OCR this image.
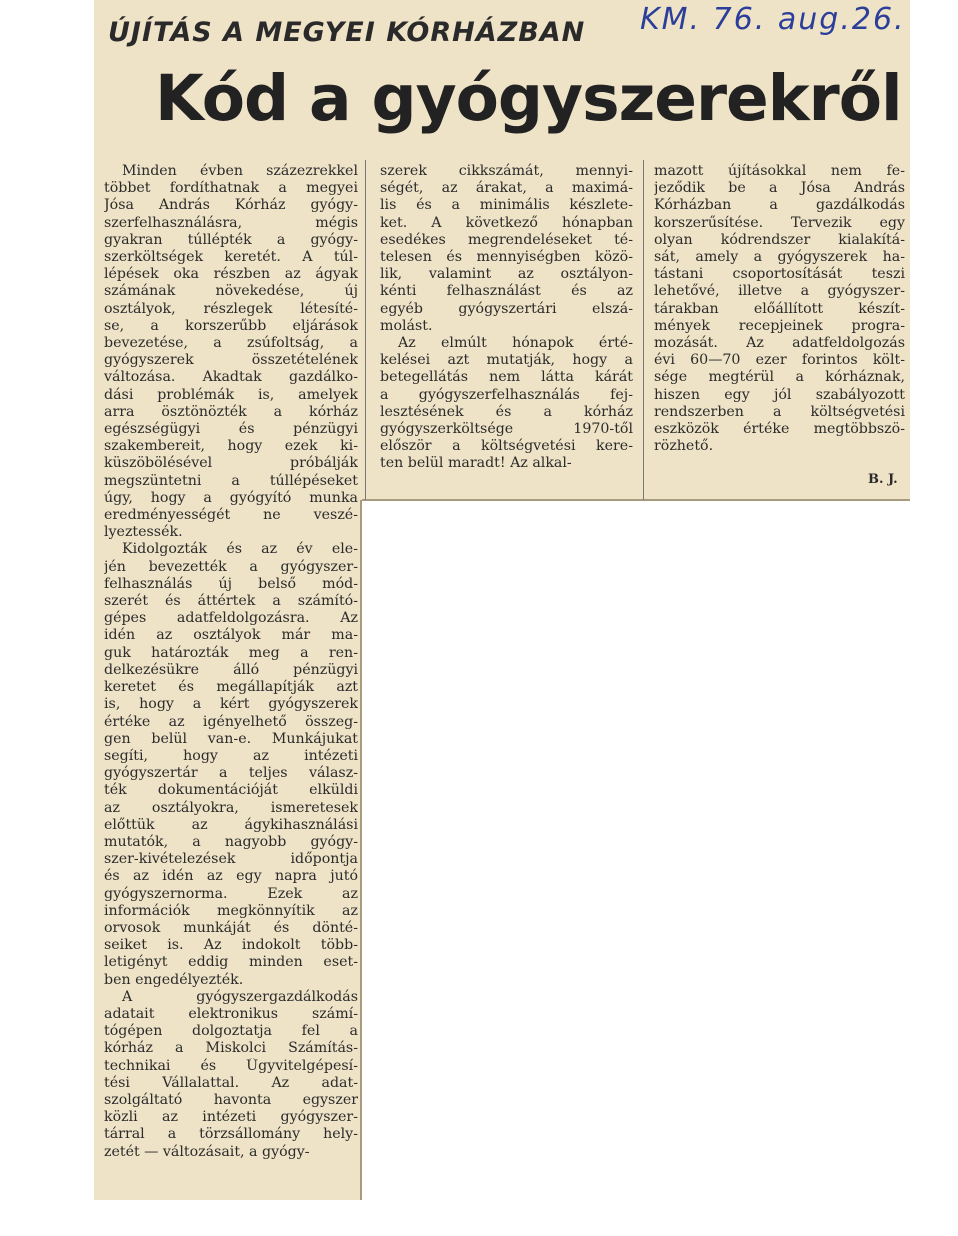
ÚJÍTÁS A MEGYEI KÓRHÁZBAN KM. 76. aug.26.
Kód a gyógyszerekről
Minden évben százezrekkel
többet fordíthatnak a megyei
Jósa András Kórház gyógy-
szerfelhasználásra, mégis
gyakran túllépték a gyógy-
szerköltségek keretét. A túl-
lépések oka részben az ágyak
számának növekedése, új
osztályok, részlegek létesíté-
se, a korszerűbb eljárások
bevezetése, a zsúfoltság, a
gyógyszerek összetételének
változása. Akadtak gazdálko-
dási problémák is, amelyek
arra ösztönözték a kórház
egészségügyi és pénzügyi
szakembereit, hogy ezek ki-
küszöbölésével próbálják
megszüntetni a túllépéseket
úgy, hogy a gyógyító munka
eredményességét ne veszé-
lyeztessék.
Kidolgozták és az év ele-
jén bevezették a gyógyszer-
felhasználás új belső mód-
szerét és áttértek a számító-
gépes adatfeldolgozásra. Az
idén az osztályok már ma-
guk határozták meg a ren-
delkezésükre álló pénzügyi
keretet és megállapítják azt
is, hogy a kért gyógyszerek
értéke az igényelhető összeg-
gen belül van-e. Munkájukat
segíti, hogy az intézeti
gyógyszertár a teljes válasz-
ték dokumentációját elküldi
az osztályokra, ismeretesek
előttük az ágykihasználási
mutatók, a nagyobb gyógy-
szer-kivételezések időpontja
és az idén az egy napra jutó
gyógyszernorma. Ezek az
információk megkönnyítik az
orvosok munkáját és dönté-
seiket is. Az indokolt több-
letigényt eddig minden eset-
ben engedélyezték.
A gyógyszergazdálkodás
adatait elektronikus számí-
tógépen dolgoztatja fel a
kórház a Miskolci Számítás-
technikai és Ügyvitelgépesí-
tési Vállalattal. Az adat-
szolgáltató havonta egyszer
közli az intézeti gyógyszer-
tárral a törzsállomány hely-
zetét — változásait, a gyógy-
szerek cikkszámát, mennyi-
ségét, az árakat, a maximá-
lis és a minimális készlete-
ket. A következő hónapban
esedékes megrendeléseket té-
telesen és mennyiségben közö-
lik, valamint az osztályon-
kénti felhasználást és az
egyéb gyógyszertári elszá-
molást.
Az elmúlt hónapok érté-
kelései azt mutatják, hogy a
betegellátás nem látta kárát
a gyógyszerfelhasználás fej-
lesztésének és a kórház
gyógyszerköltsége 1970-től
először a költségvetési kere-
ten belül maradt! Az alkal-
mazott újításokkal nem fe-
jeződik be a Jósa András
Kórházban a gazdálkodás
korszerűsítése. Tervezik egy
olyan kódrendszer kialakítá-
sát, amely a gyógyszerek ha-
tástani csoportosítását teszi
lehetővé, illetve a gyógyszer-
tárakban előállított készít-
mények recepjeinek progra-
mozását. Az adatfeldolgozás
évi 60—70 ezer forintos költ-
sége megtérül a kórháznak,
hiszen egy jól szabályozott
rendszerben a költségvetési
eszközök értéke megtöbbszö-
rözhető.
B. J.
